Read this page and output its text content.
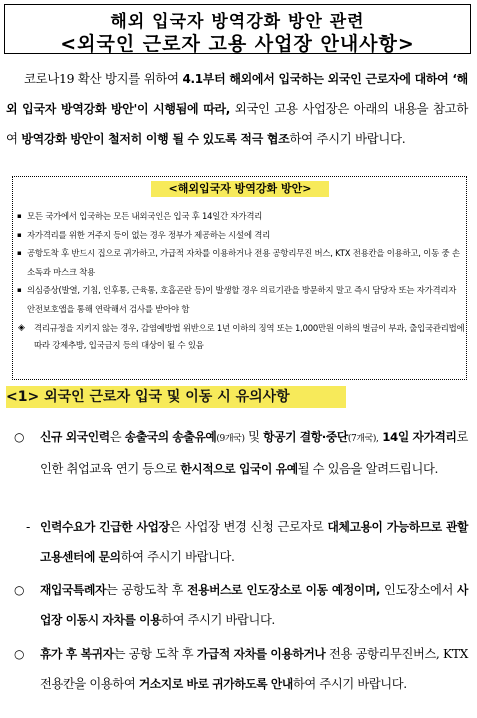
해외 입국자 방역강화 방안 관련
<외국인 근로자 고용 사업장 안내사항>
코로나19 확산 방지를 위하여 4.1부터 해외에서 입국하는 외국인 근로자에 대하여 ‘해외 입국자 방역강화 방안'이 시행됨에 따라, 외국인 고용 사업장은 아래의 내용을 참고하여 방역강화 방안이 철저히 이행 될 수 있도록 적극 협조하여 주시기 바랍니다.
<해외입국자 방역강화 방안>
▪ 모든 국가에서 입국하는 모든 내외국인은 입국 후 14일간 자가격리
▪ 자가격리를 위한 거주지 등이 없는 경우 정부가 제공하는 시설에 격리
▪ 공항도착 후 반드시 집으로 귀가하고, 가급적 자차를 이용하거나 전용 공항리무진 버스, KTX 전용칸을 이용하고, 이동 중 손소독과 마스크 착용
▪ 의심증상(발열, 기침, 인후통, 근육통, 호흡곤란 등)이 발생할 경우 의료기관을 방문하지 말고 즉시 담당자 또는 자가격리자 안전보호앱을 통해 연락해서 검사를 받아야 함
◈ 격리규정을 지키지 않는 경우, 감염예방법 위반으로 1년 이하의 징역 또는 1,000만원 이하의 벌금이 부과, 출입국관리법에 따라 강제추방, 입국금지 등의 대상이 될 수 있음
<1> 외국인 근로자 입국 및 이동 시 유의사항
○ 신규 외국인력은 송출국의 송출유예(9개국) 및 항공기 결항·중단(7개국), 14일 자가격리로 인한 취업교육 연기 등으로 한시적으로 입국이 유예될 수 있음을 알려드립니다.
- 인력수요가 긴급한 사업장은 사업장 변경 신청 근로자로 대체고용이 가능하므로 관할 고용센터에 문의하여 주시기 바랍니다.
○ 재입국특례자는 공항도착 후 전용버스로 인도장소로 이동 예정이며, 인도장소에서 사업장 이동시 자차를 이용하여 주시기 바랍니다.
○ 휴가 후 복귀자는 공항 도착 후 가급적 자차를 이용하거나 전용 공항리무진버스, KTX 전용칸을 이용하여 거소지로 바로 귀가하도록 안내하여 주시기 바랍니다.
